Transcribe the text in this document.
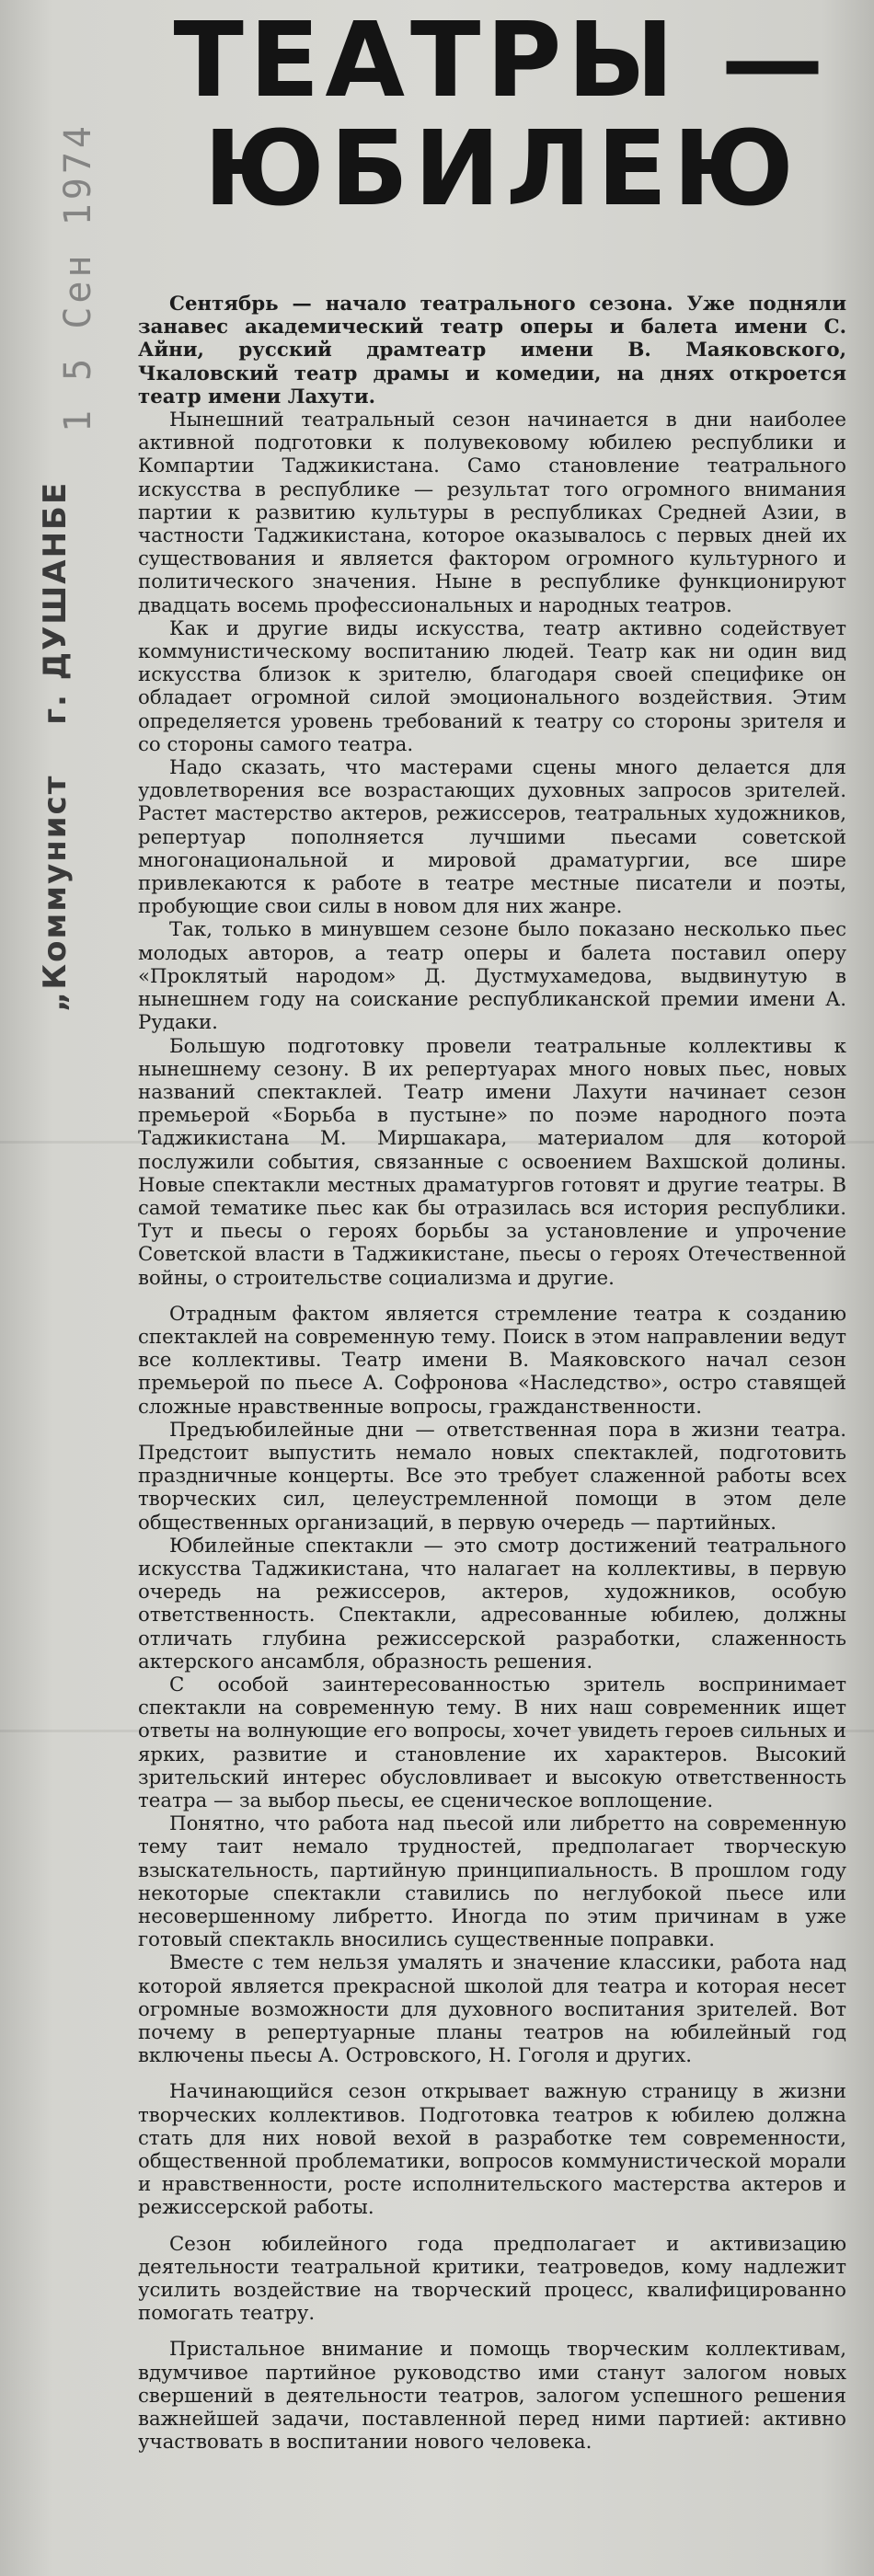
ТЕАТРЫ —
ЮБИЛЕЮ
1 5 Сен 1974
„Коммунист г. ДУШАНБЕ

Сентябрь — начало театрального сезона. Уже подняли занавес академический театр оперы и балета имени С. Айни, русский драмтеатр имени В. Маяковского, Чкаловский театр драмы и комедии, на днях откроется театр имени Лахути.

Нынешний театральный сезон начинается в дни наиболее активной подготовки к полувековому юбилею республики и Компартии Таджикистана. Само становление театрального искусства в республике — результат того огромного внимания партии к развитию культуры в республиках Средней Азии, в частности Таджикистана, которое оказывалось с первых дней их существования и является фактором огромного культурного и политического значения. Ныне в республике функционируют двадцать восемь профессиональных и народных театров.

Как и другие виды искусства, театр активно содействует коммунистическому воспитанию людей. Театр как ни один вид искусства близок к зрителю, благодаря своей специфике он обладает огромной силой эмоционального воздействия. Этим определяется уровень требований к театру со стороны зрителя и со стороны самого театра.

Надо сказать, что мастерами сцены много делается для удовлетворения все возрастающих духовных запросов зрителей. Растет мастерство актеров, режиссеров, театральных художников, репертуар пополняется лучшими пьесами советской многонациональной и мировой драматургии, все шире привлекаются к работе в театре местные писатели и поэты, пробующие свои силы в новом для них жанре.

Так, только в минувшем сезоне было показано несколько пьес молодых авторов, а театр оперы и балета поставил оперу «Проклятый народом» Д. Дустмухамедова, выдвинутую в нынешнем году на соискание республиканской премии имени А. Рудаки.

Большую подготовку провели театральные коллективы к нынешнему сезону. В их репертуарах много новых пьес, новых названий спектаклей. Театр имени Лахути начинает сезон премьерой «Борьба в пустыне» по поэме народного поэта Таджикистана М. Миршакара, материалом для которой послужили события, связанные с освоением Вахшской долины. Новые спектакли местных драматургов готовят и другие театры. В самой тематике пьес как бы отразилась вся история республики. Тут и пьесы о героях борьбы за установление и упрочение Советской власти в Таджикистане, пьесы о героях Отечественной войны, о строительстве социализма и другие.

Отрадным фактом является стремление театра к созданию спектаклей на современную тему. Поиск в этом направлении ведут все коллективы. Театр имени В. Маяковского начал сезон премьерой по пьесе А. Софронова «Наследство», остро ставящей сложные нравственные вопросы, гражданственности.

Предъюбилейные дни — ответственная пора в жизни театра. Предстоит выпустить немало новых спектаклей, подготовить праздничные концерты. Все это требует слаженной работы всех творческих сил, целеустремленной помощи в этом деле общественных организаций, в первую очередь — партийных.

Юбилейные спектакли — это смотр достижений театрального искусства Таджикистана, что налагает на коллективы, в первую очередь на режиссеров, актеров, художников, особую ответственность. Спектакли, адресованные юбилею, должны отличать глубина режиссерской разработки, слаженность актерского ансамбля, образность решения.

С особой заинтересованностью зритель воспринимает спектакли на современную тему. В них наш современник ищет ответы на волнующие его вопросы, хочет увидеть героев сильных и ярких, развитие и становление их характеров. Высокий зрительский интерес обусловливает и высокую ответственность театра — за выбор пьесы, ее сценическое воплощение.

Понятно, что работа над пьесой или либретто на современную тему таит немало трудностей, предполагает творческую взыскательность, партийную принципиальность. В прошлом году некоторые спектакли ставились по неглубокой пьесе или несовершенному либретто. Иногда по этим причинам в уже готовый спектакль вносились существенные поправки.

Вместе с тем нельзя умалять и значение классики, работа над которой является прекрасной школой для театра и которая несет огромные возможности для духовного воспитания зрителей. Вот почему в репертуарные планы театров на юбилейный год включены пьесы А. Островского, Н. Гоголя и других.

Начинающийся сезон открывает важную страницу в жизни творческих коллективов. Подготовка театров к юбилею должна стать для них новой вехой в разработке тем современности, общественной проблематики, вопросов коммунистической морали и нравственности, росте исполнительского мастерства актеров и режиссерской работы.

Сезон юбилейного года предполагает и активизацию деятельности театральной критики, театроведов, кому надлежит усилить воздействие на творческий процесс, квалифицированно помогать театру.

Пристальное внимание и помощь творческим коллективам, вдумчивое партийное руководство ими станут залогом новых свершений в деятельности театров, залогом успешного решения важнейшей задачи, поставленной перед ними партией: активно участвовать в воспитании нового человека.
